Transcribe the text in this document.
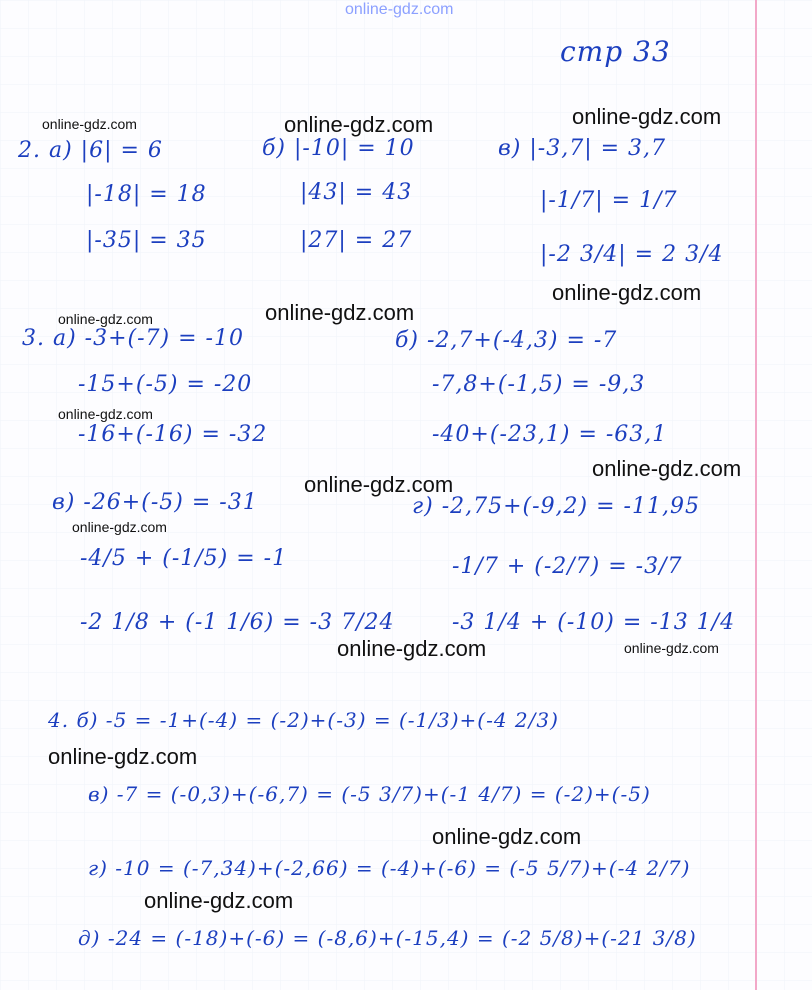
online-gdz.com
стр 33
2. а) |6| = 6
|-18| = 18
|-35| = 35
б) |-10| = 10
|43| = 43
|27| = 27
в) |-3,7| = 3,7
|-1/7| = 1/7
|-2 3/4| = 2 3/4
3. а) -3+(-7) = -10
-15+(-5) = -20
-16+(-16) = -32
б) -2,7+(-4,3) = -7
-7,8+(-1,5) = -9,3
-40+(-23,1) = -63,1
в) -26+(-5) = -31
-4/5 + (-1/5) = -1
-2 1/8 + (-1 1/6) = -3 7/24
г) -2,75+(-9,2) = -11,95
-1/7 + (-2/7) = -3/7
-3 1/4 + (-10) = -13 1/4
4. б) -5 = -1+(-4) = (-2)+(-3) = (-1/3)+(-4 2/3)
в) -7 = (-0,3)+(-6,7) = (-5 3/7)+(-1 4/7) = (-2)+(-5)
г) -10 = (-7,34)+(-2,66) = (-4)+(-6) = (-5 5/7)+(-4 2/7)
д) -24 = (-18)+(-6) = (-8,6)+(-15,4) = (-2 5/8)+(-21 3/8)
online-gdz.com	online-gdz.com	online-gdz.com
online-gdz.com
online-gdz.com	online-gdz.com
online-gdz.com
online-gdz.com
online-gdz.com
online-gdz.com
online-gdz.com	online-gdz.com
online-gdz.com
online-gdz.com
online-gdz.com
